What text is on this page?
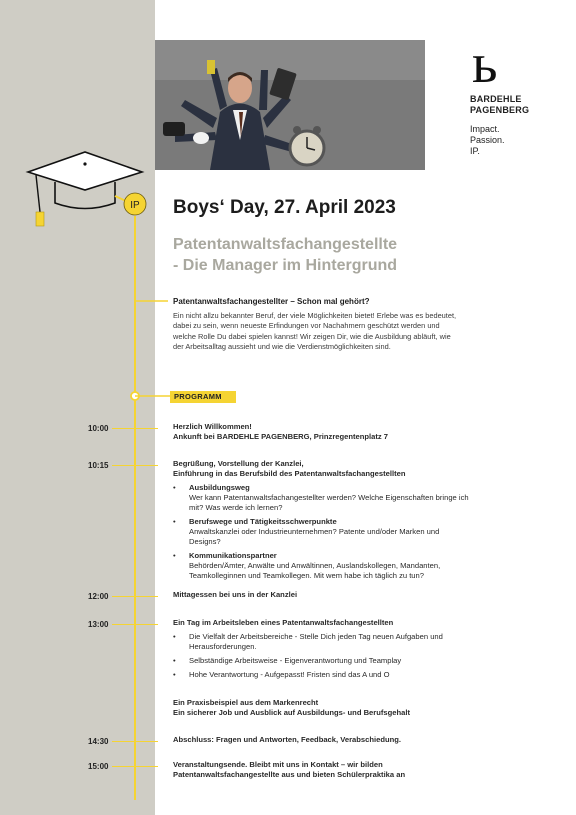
ь
BARDEHLE
PAGENBERG
Impact.
Passion.
IP.
IP Boys‘ Day, 27. April 2023
Patentanwaltsfachangestellte
- Die Manager im Hintergrund
Patentanwaltsfachangestellter – Schon mal gehört?
Ein nicht allzu bekannter Beruf, der viele Möglichkeiten bietet! Erlebe was es bedeutet, dabei zu sein, wenn neueste Erfindungen vor Nachahmern geschützt werden und welche Rolle Du dabei spielen kannst! Wir zeigen Dir, wie die Ausbildung abläuft, wie der Arbeitsalltag aussieht und wie die Verdienstmöglichkeiten sind.
PROGRAMM
10:00
10:15
12:00
13:00
14:30
15:00
Herzlich Willkommen!
Ankunft bei BARDEHLE PAGENBERG, Prinzregentenplatz 7
Begrüßung, Vorstellung der Kanzlei,
Einführung in das Berufsbild des Patentanwaltsfachangestellten
• Ausbildungsweg
Wer kann Patentanwaltsfachangestellter werden? Welche Eigenschaften bringe ich mit? Was werde ich lernen?
• Berufswege und Tätigkeitsschwerpunkte
Anwaltskanzlei oder Industrieunternehmen? Patente und/oder Marken und Designs?
• Kommunikationspartner
Behörden/Ämter, Anwälte und Anwältinnen, Auslandskollegen, Mandanten, Teamkolleginnen und Teamkollegen. Mit wem habe ich täglich zu tun?
Mittagessen bei uns in der Kanzlei
Ein Tag im Arbeitsleben eines Patentanwaltsfachangestellten
• Die Vielfalt der Arbeitsbereiche - Stelle Dich jeden Tag neuen Aufgaben und Herausforderungen.
• Selbständige Arbeitsweise - Eigenverantwortung und Teamplay
• Hohe Verantwortung - Aufgepasst! Fristen sind das A und O
Ein Praxisbeispiel aus dem Markenrecht
Ein sicherer Job und Ausblick auf Ausbildungs- und Berufsgehalt
Abschluss: Fragen und Antworten, Feedback, Verabschiedung.
Veranstaltungsende. Bleibt mit uns in Kontakt – wir bilden Patentanwaltsfachangestellte aus und bieten Schülerpraktika an
